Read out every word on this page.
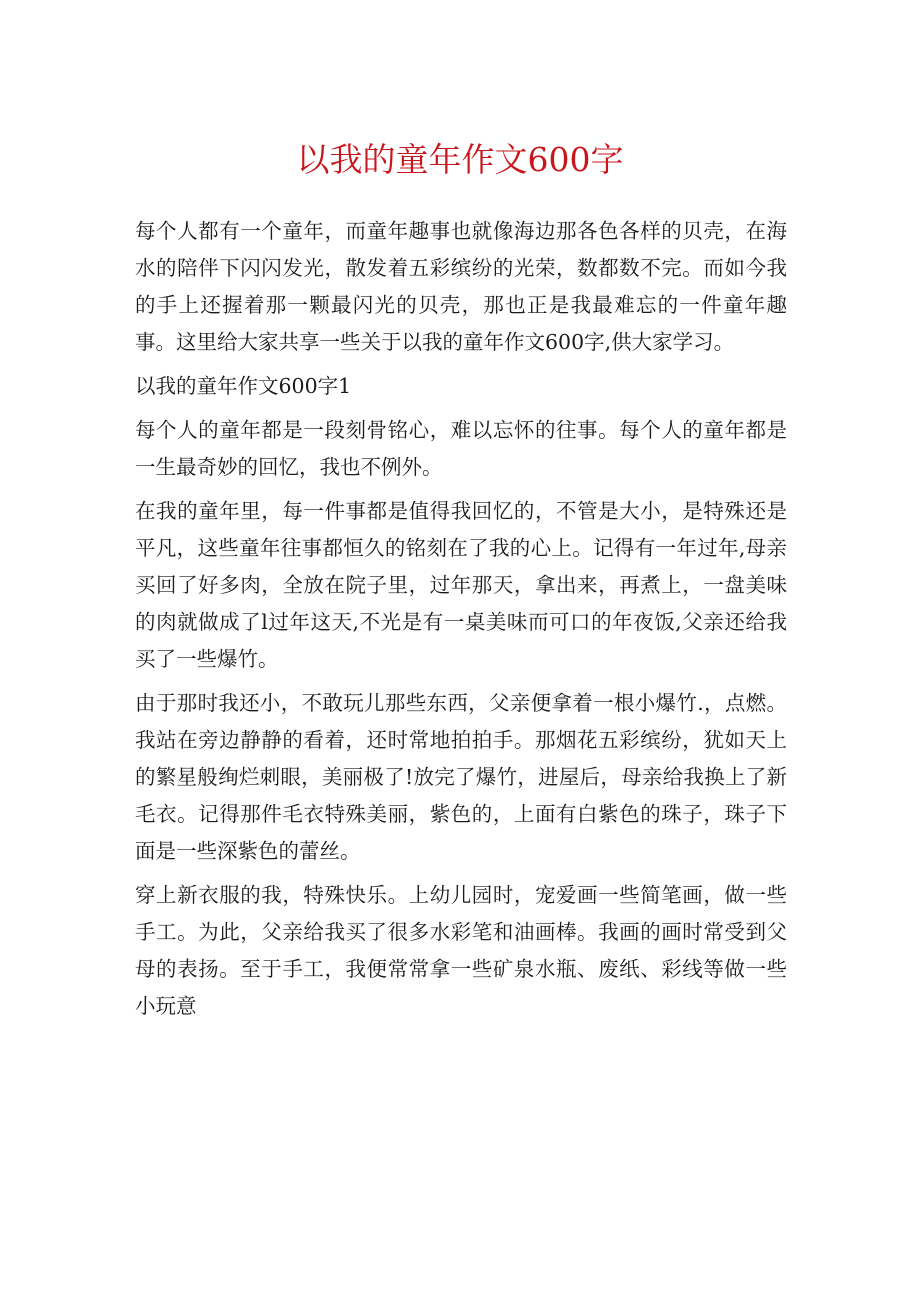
以我的童年作文600字

每个人都有一个童年，而童年趣事也就像海边那各色各样的贝壳，在海水的陪伴下闪闪发光，散发着五彩缤纷的光荣，数都数不完。而如今我的手上还握着那一颗最闪光的贝壳，那也正是我最难忘的一件童年趣事。这里给大家共享一些关于以我的童年作文600字,供大家学习。

以我的童年作文600字1

每个人的童年都是一段刻骨铭心，难以忘怀的往事。每个人的童年都是一生最奇妙的回忆，我也不例外。

在我的童年里，每一件事都是值得我回忆的，不管是大小，是特殊还是平凡，这些童年往事都恒久的铭刻在了我的心上。记得有一年过年,母亲买回了好多肉，全放在院子里，过年那天，拿出来，再煮上，一盘美味的肉就做成了l过年这天,不光是有一桌美味而可口的年夜饭,父亲还给我买了一些爆竹。

由于那时我还小，不敢玩儿那些东西，父亲便拿着一根小爆竹.，点燃。我站在旁边静静的看着，还时常地拍拍手。那烟花五彩缤纷，犹如天上的繁星般绚烂刺眼，美丽极了!放完了爆竹，进屋后，母亲给我换上了新毛衣。记得那件毛衣特殊美丽，紫色的，上面有白紫色的珠子，珠子下面是一些深紫色的蕾丝。

穿上新衣服的我，特殊快乐。上幼儿园时，宠爱画一些简笔画，做一些手工。为此，父亲给我买了很多水彩笔和油画棒。我画的画时常受到父母的表扬。至于手工，我便常常拿一些矿泉水瓶、废纸、彩线等做一些小玩意
